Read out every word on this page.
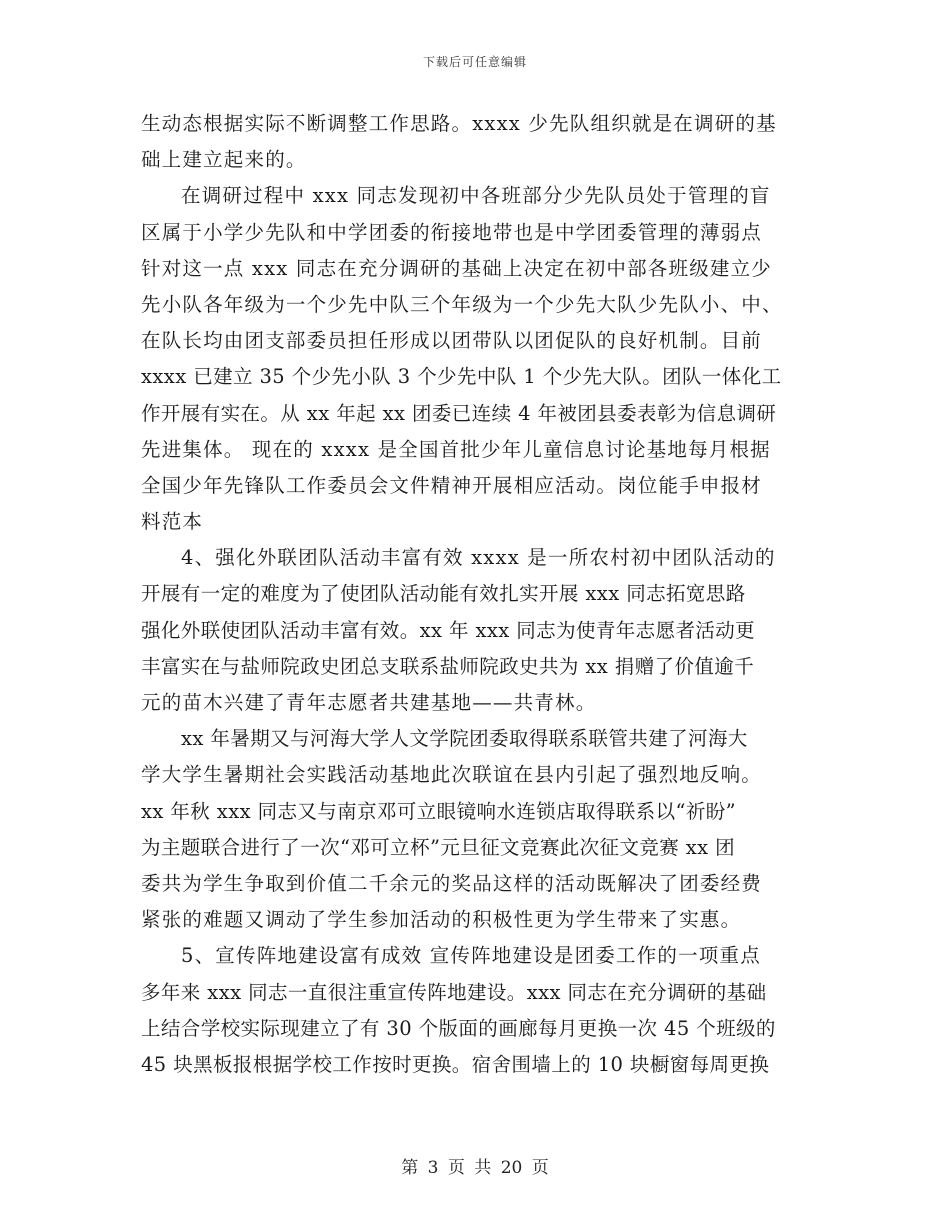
下载后可任意编辑
生动态根据实际不断调整工作思路。xxxx 少先队组织就是在调研的基
础上建立起来的。
在调研过程中 xxx 同志发现初中各班部分少先队员处于管理的盲
区属于小学少先队和中学团委的衔接地带也是中学团委管理的薄弱点
针对这一点 xxx 同志在充分调研的基础上决定在初中部各班级建立少
先小队各年级为一个少先中队三个年级为一个少先大队少先队小、中、
在队长均由团支部委员担任形成以团带队以团促队的良好机制。目前
xxxx 已建立 35 个少先小队 3 个少先中队 1 个少先大队。团队一体化工
作开展有实在。从 xx 年起 xx 团委已连续 4 年被团县委表彰为信息调研
先进集体。 现在的 xxxx 是全国首批少年儿童信息讨论基地每月根据
全国少年先锋队工作委员会文件精神开展相应活动。岗位能手申报材
料范本
4、强化外联团队活动丰富有效 xxxx 是一所农村初中团队活动的
开展有一定的难度为了使团队活动能有效扎实开展 xxx 同志拓宽思路
强化外联使团队活动丰富有效。xx 年 xxx 同志为使青年志愿者活动更
丰富实在与盐师院政史团总支联系盐师院政史共为 xx 捐赠了价值逾千
元的苗木兴建了青年志愿者共建基地——共青林。
xx 年暑期又与河海大学人文学院团委取得联系联管共建了河海大
学大学生暑期社会实践活动基地此次联谊在县内引起了强烈地反响。
xx 年秋 xxx 同志又与南京邓可立眼镜响水连锁店取得联系以“祈盼”
为主题联合进行了一次“邓可立杯”元旦征文竞赛此次征文竞赛 xx 团
委共为学生争取到价值二千余元的奖品这样的活动既解决了团委经费
紧张的难题又调动了学生参加活动的积极性更为学生带来了实惠。
5、宣传阵地建设富有成效 宣传阵地建设是团委工作的一项重点
多年来 xxx 同志一直很注重宣传阵地建设。xxx 同志在充分调研的基础
上结合学校实际现建立了有 30 个版面的画廊每月更换一次 45 个班级的
45 块黑板报根据学校工作按时更换。宿舍围墙上的 10 块橱窗每周更换
第 3 页 共 20 页
